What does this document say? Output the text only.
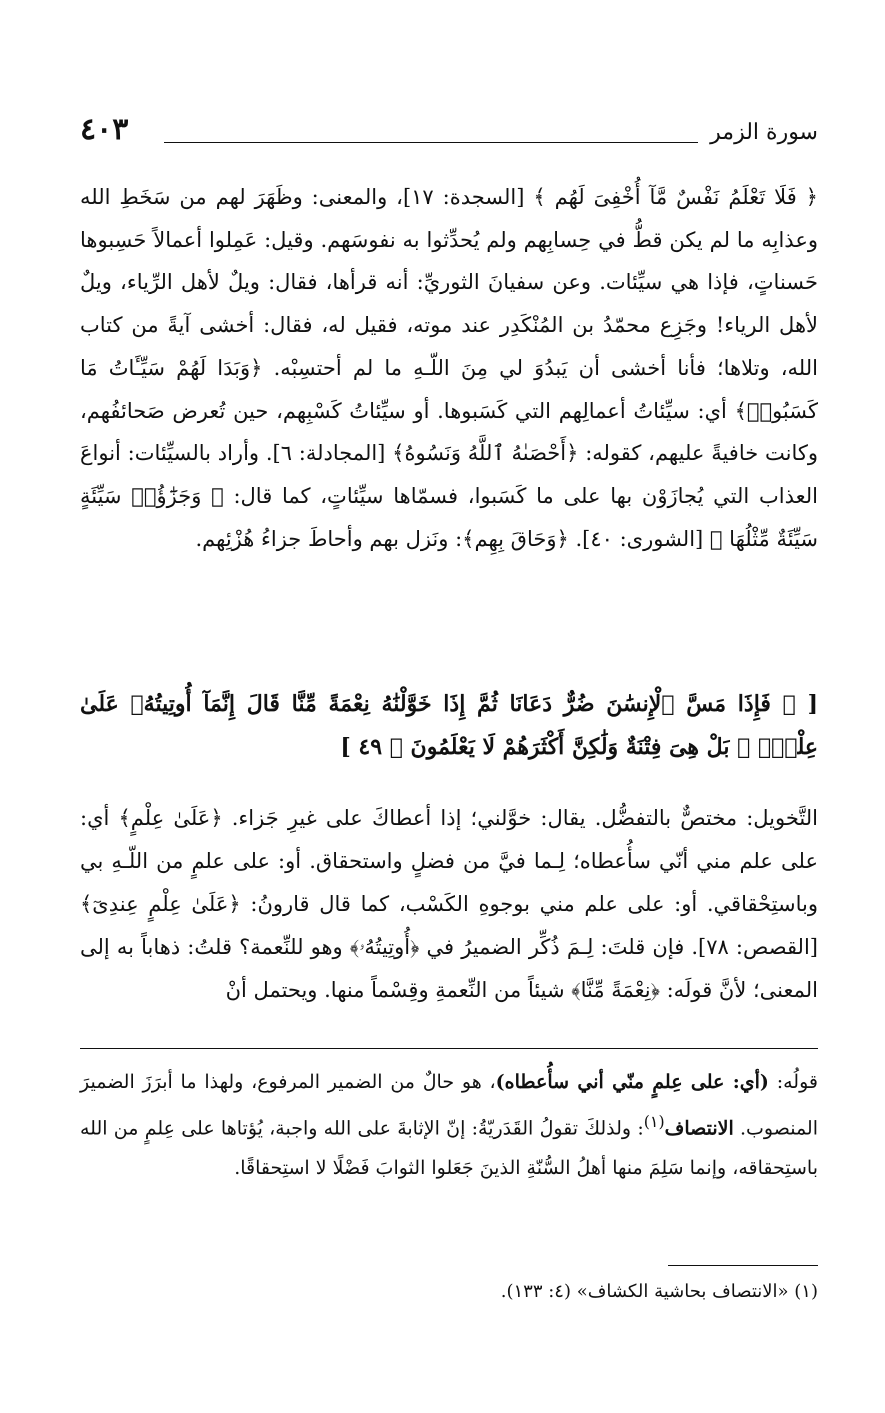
سورة الزمر
٤٠٣

﴿ فَلَا تَعْلَمُ نَفْسٌ مَّآ أُخْفِىَ لَهُم ﴾ [السجدة: ١٧]، والمعنى: وظَهَرَ لهم من سَخَطِ الله وعذابِه ما لم يكن قطُّ في حِسابِهم ولم يُحدِّثوا به نفوسَهم. وقيل: عَمِلوا أعمالاً حَسِبوها حَسناتٍ، فإذا هي سيِّئات. وعن سفيانَ الثوريِّ: أنه قرأها، فقال: ويلٌ لأهل الرِّياء، ويلٌ لأهل الرياء! وجَزِع محمّدُ بن المُنْكَدِر عند موته، فقيل له، فقال: أخشى آيةً من كتاب الله، وتلاها؛ فأنا أخشى أن يَبدُوَ لي مِنَ اللّـهِ ما لم أحتسِبْه. ﴿وَبَدَا لَهُمْ سَيِّـَٔاتُ مَا كَسَبُوا۟﴾ أي: سيِّئاتُ أعمالِهم التي كَسَبوها. أو سيِّئاتُ كَسْبِهم، حين تُعرض صَحائفُهم، وكانت خافيةً عليهم، كقوله: ﴿أَحْصَىٰهُ ٱللَّهُ وَنَسُوهُ﴾ [المجادلة: ٦]. وأراد بالسيِّئات: أنواعَ العذاب التي يُجازَوْن بها على ما كَسَبوا، فسمّاها سيِّئاتٍ، كما قال: ﴿ وَجَزَٰٓؤُا۟ سَيِّئَةٍ سَيِّئَةٌ مِّثْلُهَا ﴾ [الشورى: ٤٠]. ﴿وَحَاقَ بِهِم﴾: ونَزل بهم وأحاطَ جزاءُ هُزْئِهم.

[ ﴿ فَإِذَا مَسَّ ٱلْإِنسَٰنَ ضُرٌّ دَعَانَا ثُمَّ إِذَا خَوَّلْنَٰهُ نِعْمَةً مِّنَّا قَالَ إِنَّمَآ أُوتِيتُهُۥ عَلَىٰ عِلْمٍۭ ۚ بَلْ هِىَ فِتْنَةٌ وَلَٰكِنَّ أَكْثَرَهُمْ لَا يَعْلَمُونَ ﴾ ٤٩ ]

التَّخويل: مختصٌّ بالتفضُّل. يقال: خوَّلني؛ إذا أعطاكَ على غيرِ جَزاء. ﴿عَلَىٰ عِلْمٍ﴾ أي: على علم مني أنّي سأُعطاه؛ لِـما فيَّ من فضلٍ واستحقاق. أو: على علمٍ من اللّـهِ بي وباستِحْقاقي. أو: على علم مني بوجوهِ الكَسْب، كما قال قارونُ: ﴿عَلَىٰ عِلْمٍ عِندِىٓ﴾ [القصص: ٧٨]. فإن قلتَ: لِـمَ ذُكِّر الضميرُ في ﴿أُوتِيتُهُۥ﴾ وهو للنِّعمة؟ قلتُ: ذهاباً به إلى المعنى؛ لأنَّ قولَه: ﴿نِعْمَةً مِّنَّا﴾ شيئاً من النِّعمةِ وقِسْماً منها. ويحتمل أنْ

قولُه: (أي: على عِلمٍ منّي أني سأُعطاه)، هو حالٌ من الضمير المرفوع، ولهذا ما أبرَزَ الضميرَ المنصوب. الانتصاف$^{(١)}$: ولذلكَ تقولُ القَدَريّةُ: إنّ الإثابةَ على الله واجبة، يُؤتاها على عِلمٍ من الله باستِحقاقه، وإنما سَلِمَ منها أهلُ السُّنّةِ الذينَ جَعَلوا الثوابَ فَضْلًا لا استِحقاقًا.

(١) «الانتصاف بحاشية الكشاف» (٤: ١٣٣).
